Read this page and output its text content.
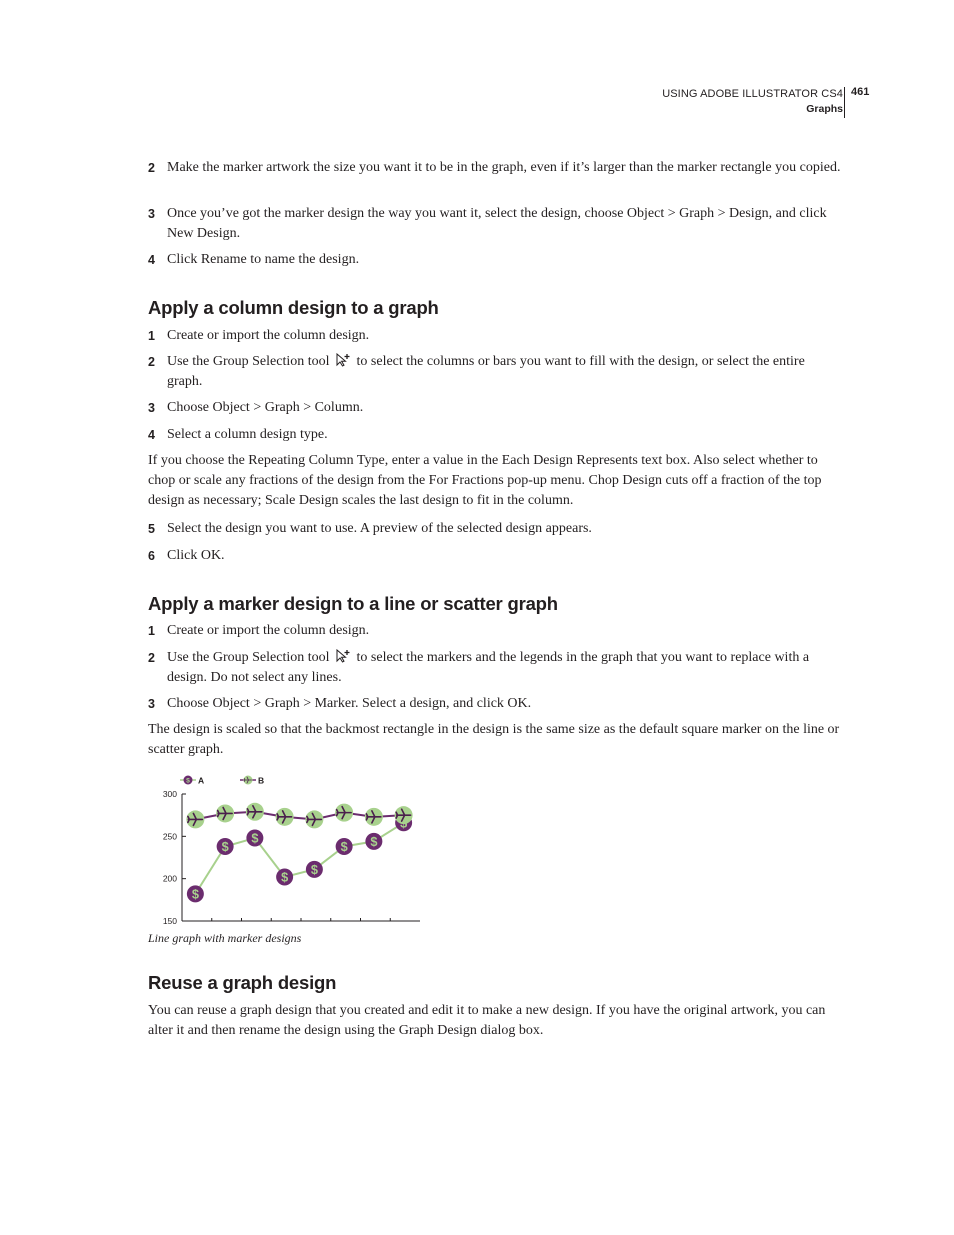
USING ADOBE ILLUSTRATOR CS4
Graphs
461
2 Make the marker artwork the size you want it to be in the graph, even if it’s larger than the marker rectangle you copied.
3 Once you’ve got the marker design the way you want it, select the design, choose Object > Graph > Design, and click New Design.
4 Click Rename to name the design.
Apply a column design to a graph
1 Create or import the column design.
2 Use the Group Selection tool to select the columns or bars you want to fill with the design, or select the entire graph.
3 Choose Object > Graph > Column.
4 Select a column design type.
If you choose the Repeating Column Type, enter a value in the Each Design Represents text box. Also select whether to chop or scale any fractions of the design from the For Fractions pop-up menu. Chop Design cuts off a fraction of the top design as necessary; Scale Design scales the last design to fit in the column.
5 Select the design you want to use. A preview of the selected design appears.
6 Click OK.
Apply a marker design to a line or scatter graph
1 Create or import the column design.
2 Use the Group Selection tool to select the markers and the legends in the graph that you want to replace with a design. Do not select any lines.
3 Choose Object > Graph > Marker. Select a design, and click OK.
The design is scaled so that the backmost rectangle in the design is the same size as the default square marker on the line or scatter graph.
150
200
250
300
$
$
$
$
$
$ $
$ A	B
Line graph with marker designs
Reuse a graph design
You can reuse a graph design that you created and edit it to make a new design. If you have the original artwork, you can alter it and then rename the design using the Graph Design dialog box.
